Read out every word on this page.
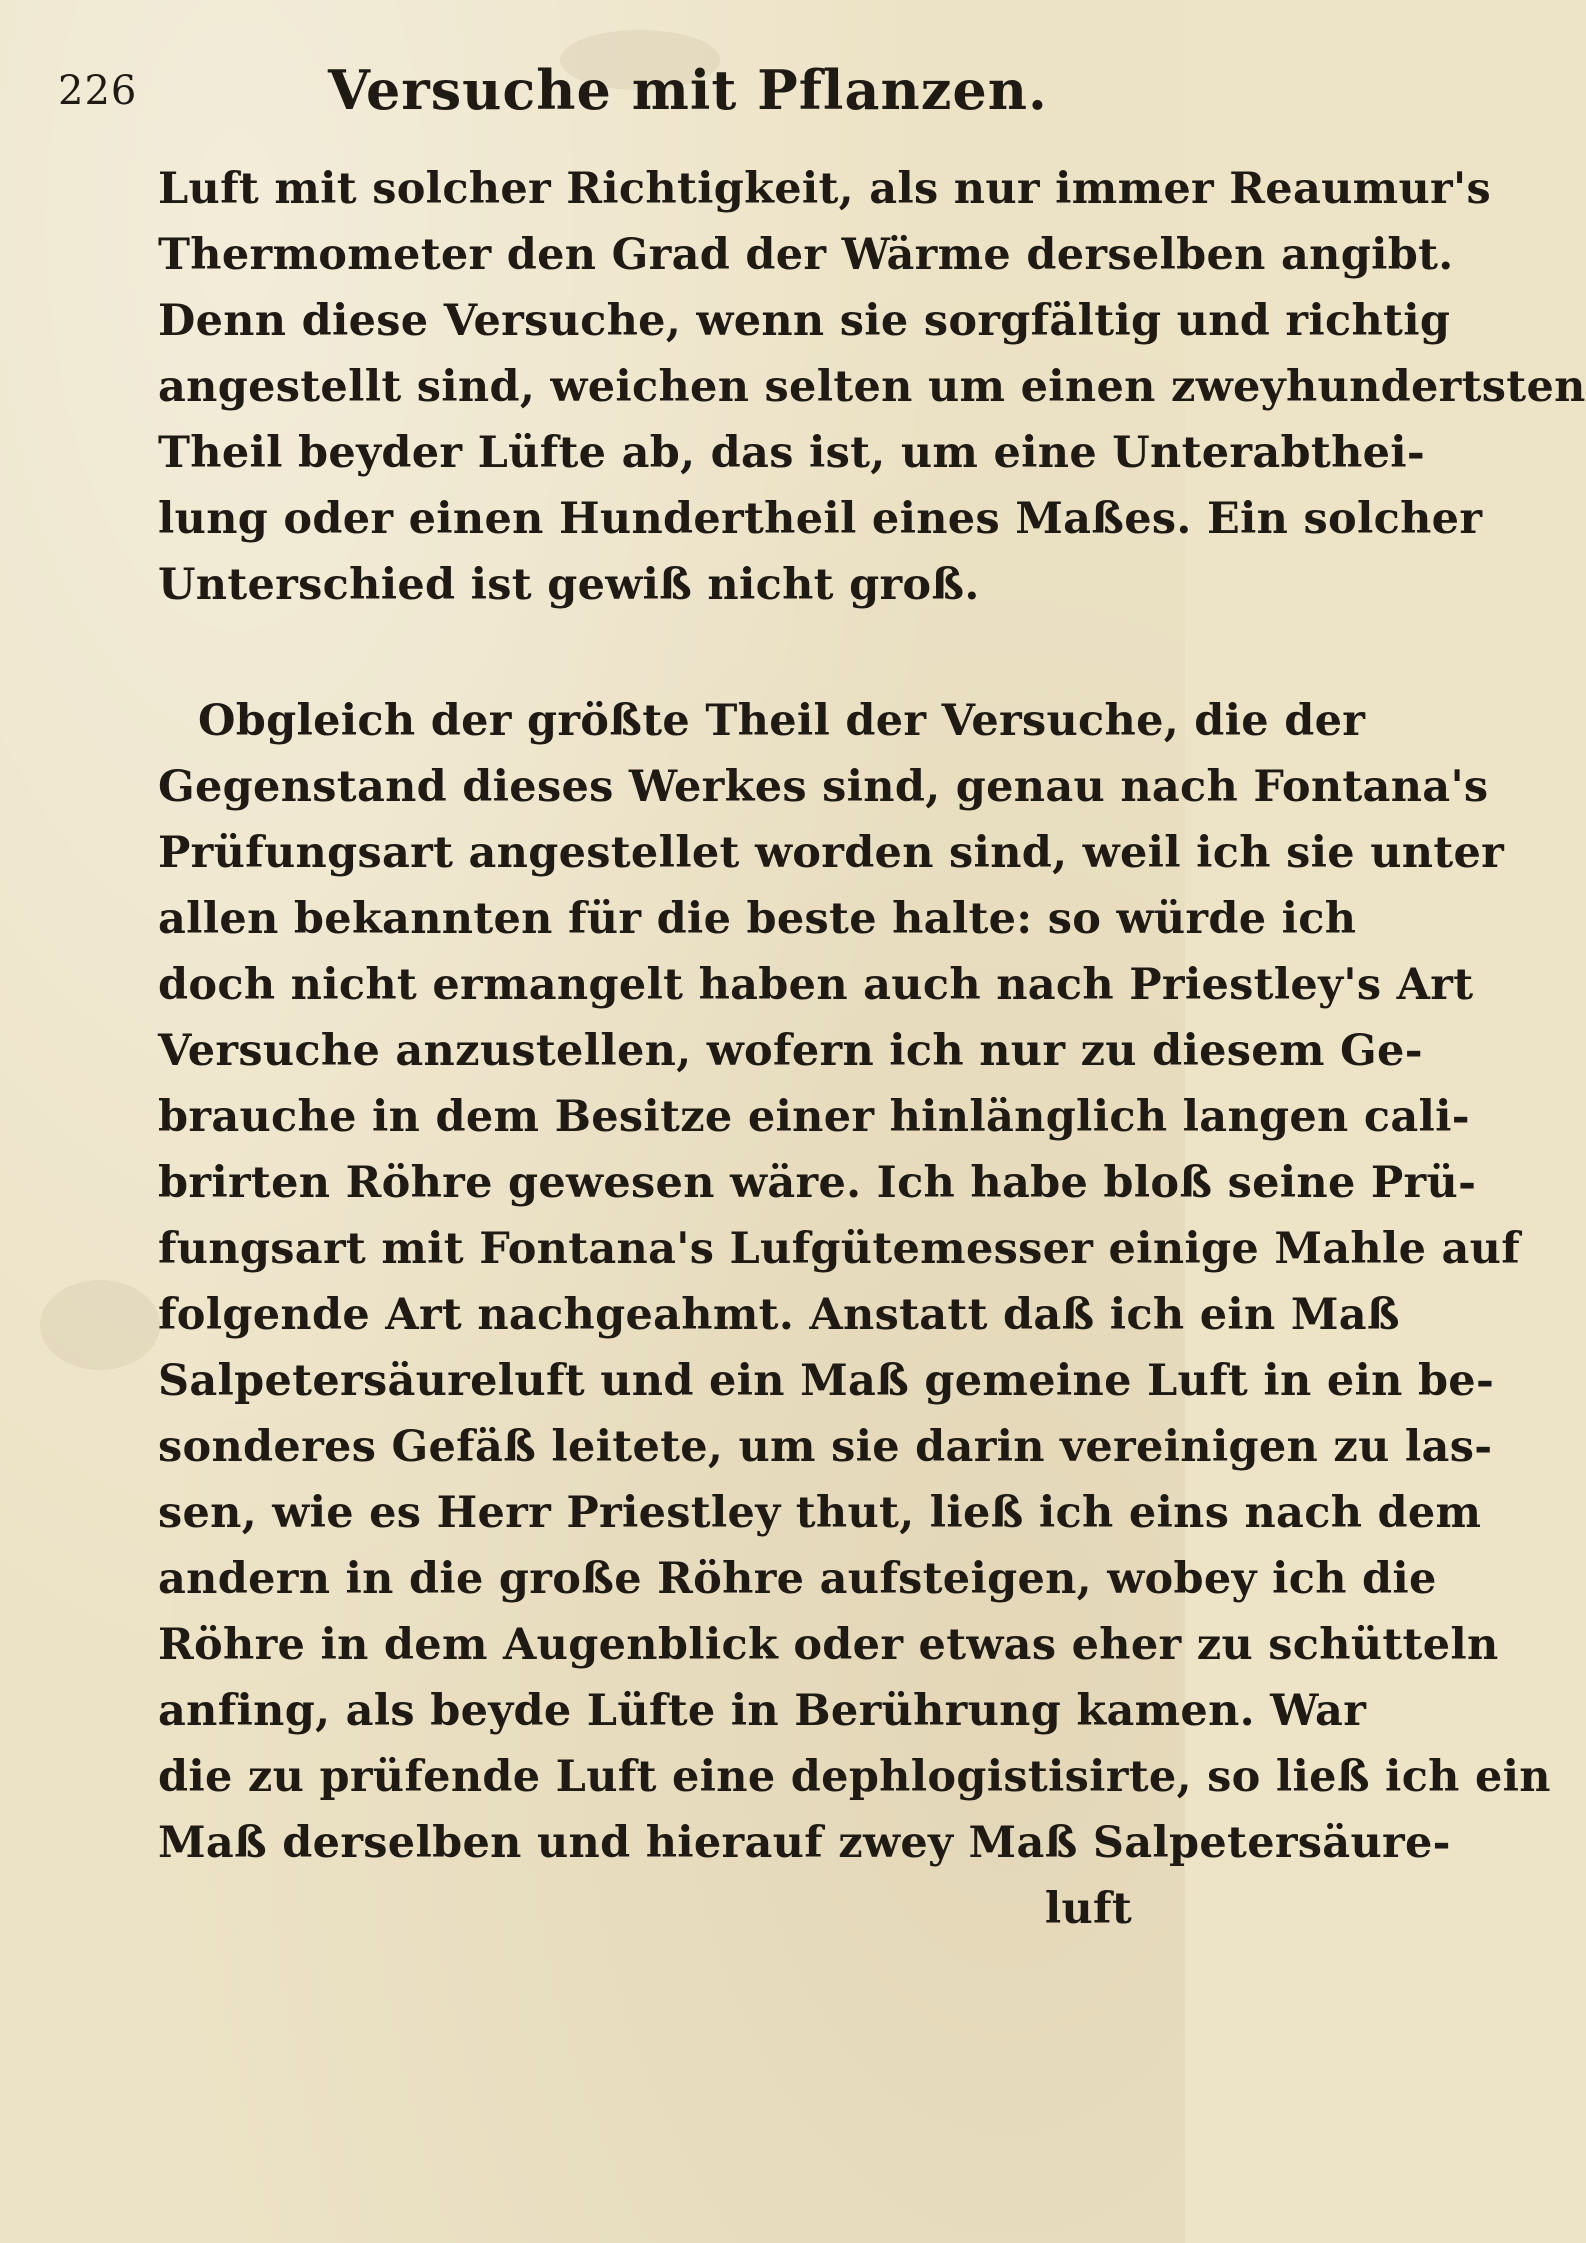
226	Versuche mit Pflanzen.
Luft mit solcher Richtigkeit, als nur immer Reaumur's
Thermometer den Grad der Wärme derselben angibt.
Denn diese Versuche, wenn sie sorgfältig und richtig
angestellt sind, weichen selten um einen zweyhundertsten
Theil beyder Lüfte ab, das ist, um eine Unterabthei-
lung oder einen Hundertheil eines Maßes. Ein solcher
Unterschied ist gewiß nicht groß.
Obgleich der größte Theil der Versuche, die der
Gegenstand dieses Werkes sind, genau nach Fontana's
Prüfungsart angestellet worden sind, weil ich sie unter
allen bekannten für die beste halte: so würde ich
doch nicht ermangelt haben auch nach Priestley's Art
Versuche anzustellen, wofern ich nur zu diesem Ge-
brauche in dem Besitze einer hinlänglich langen cali-
brirten Röhre gewesen wäre. Ich habe bloß seine Prü-
fungsart mit Fontana's Lufgütemesser einige Mahle auf
folgende Art nachgeahmt. Anstatt daß ich ein Maß
Salpetersäureluft und ein Maß gemeine Luft in ein be-
sonderes Gefäß leitete, um sie darin vereinigen zu las-
sen, wie es Herr Priestley thut, ließ ich eins nach dem
andern in die große Röhre aufsteigen, wobey ich die
Röhre in dem Augenblick oder etwas eher zu schütteln
anfing, als beyde Lüfte in Berührung kamen. War
die zu prüfende Luft eine dephlogistisirte, so ließ ich ein
Maß derselben und hierauf zwey Maß Salpetersäure-
luft
